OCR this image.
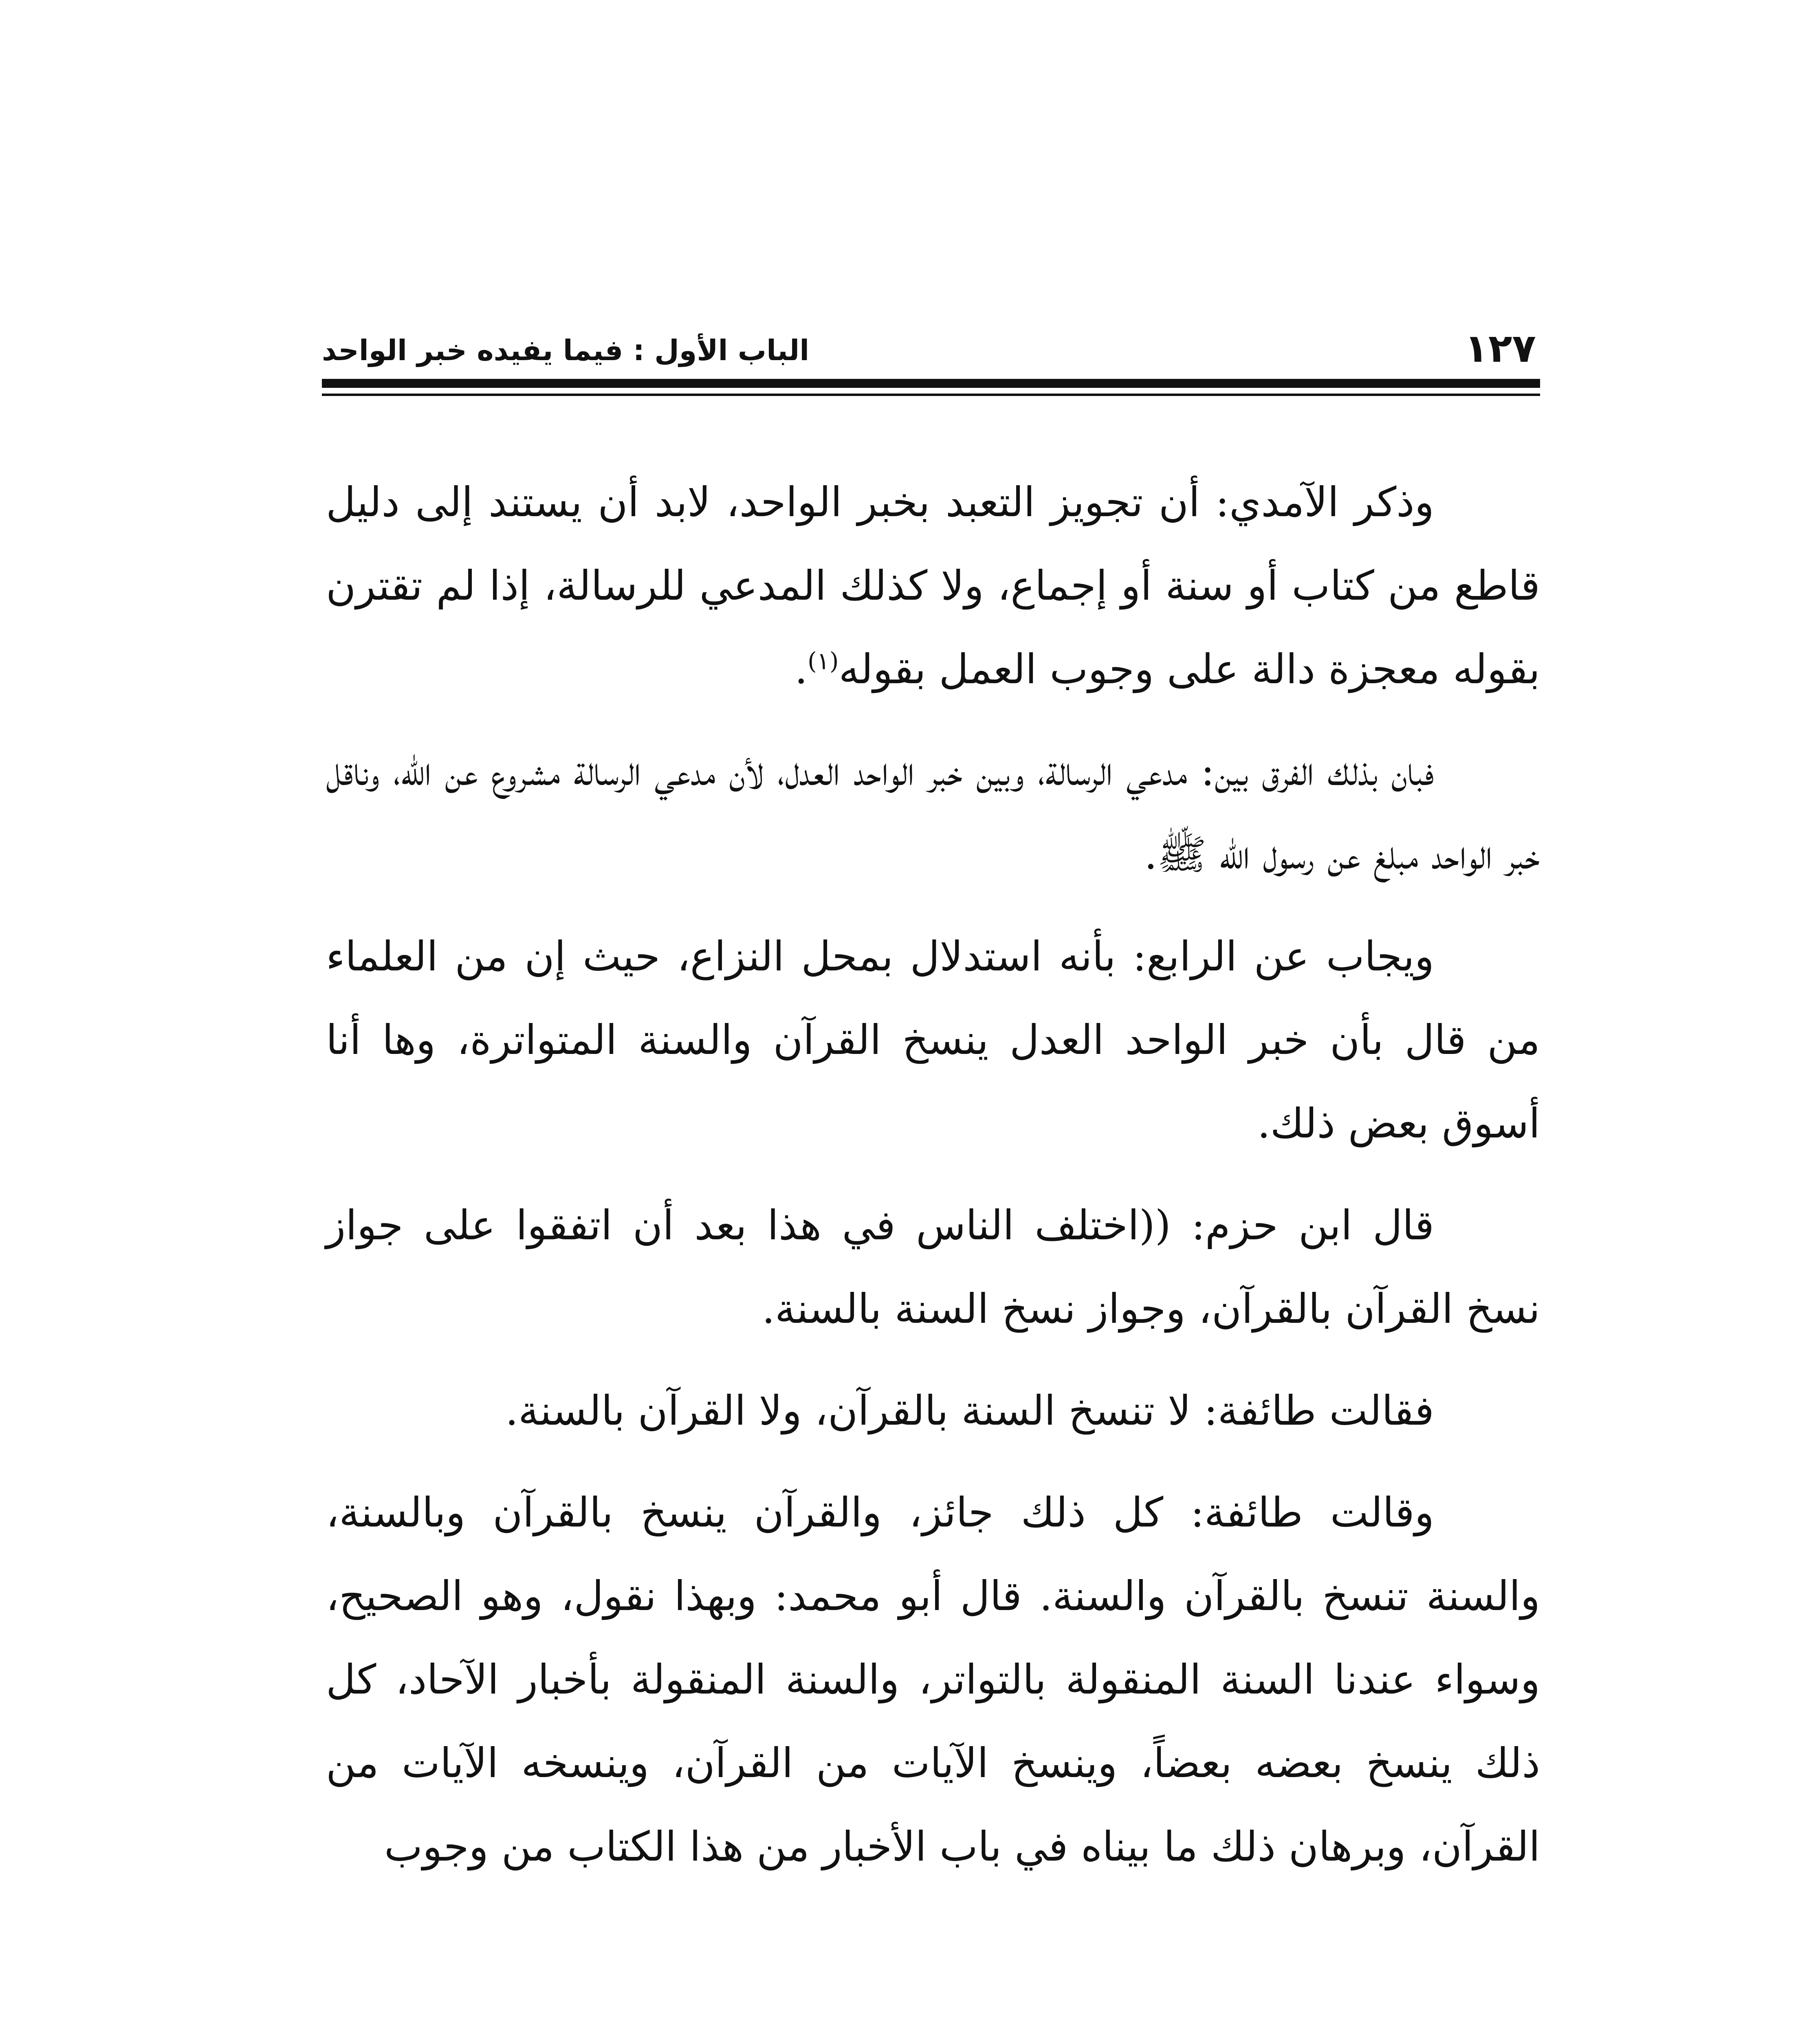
١٢٧
الباب الأول : فيما يفيده خبر الواحد

وذكر الآمدي: أن تجويز التعبد بخبر الواحد، لابد أن يستند إلى دليل قاطع من كتاب أو سنة أو إجماع، ولا كذلك المدعي للرسالة، إذا لم تقترن بقوله معجزة دالة على وجوب العمل بقوله$^{(١)}$.

فبان بذلك الفرق بين: مدعي الرسالة، وبين خبر الواحد العدل، لأن مدعي الرسالة مشروع عن الله، وناقل خبر الواحد مبلغ عن رسول الله ﷺ.

ويجاب عن الرابع: بأنه استدلال بمحل النزاع، حيث إن من العلماء من قال بأن خبر الواحد العدل ينسخ القرآن والسنة المتواترة، وها أنا أسوق بعض ذلك.

قال ابن حزم: ((اختلف الناس في هذا بعد أن اتفقوا على جواز نسخ القرآن بالقرآن، وجواز نسخ السنة بالسنة.

فقالت طائفة: لا تنسخ السنة بالقرآن، ولا القرآن بالسنة.

وقالت طائفة: كل ذلك جائز، والقرآن ينسخ بالقرآن وبالسنة، والسنة تنسخ بالقرآن والسنة. قال أبو محمد: وبهذا نقول، وهو الصحيح، وسواء عندنا السنة المنقولة بالتواتر، والسنة المنقولة بأخبار الآحاد، كل ذلك ينسخ بعضه بعضاً، وينسخ الآيات من القرآن، وينسخه الآيات من القرآن، وبرهان ذلك ما بيناه في باب الأخبار من هذا الكتاب من وجوب
